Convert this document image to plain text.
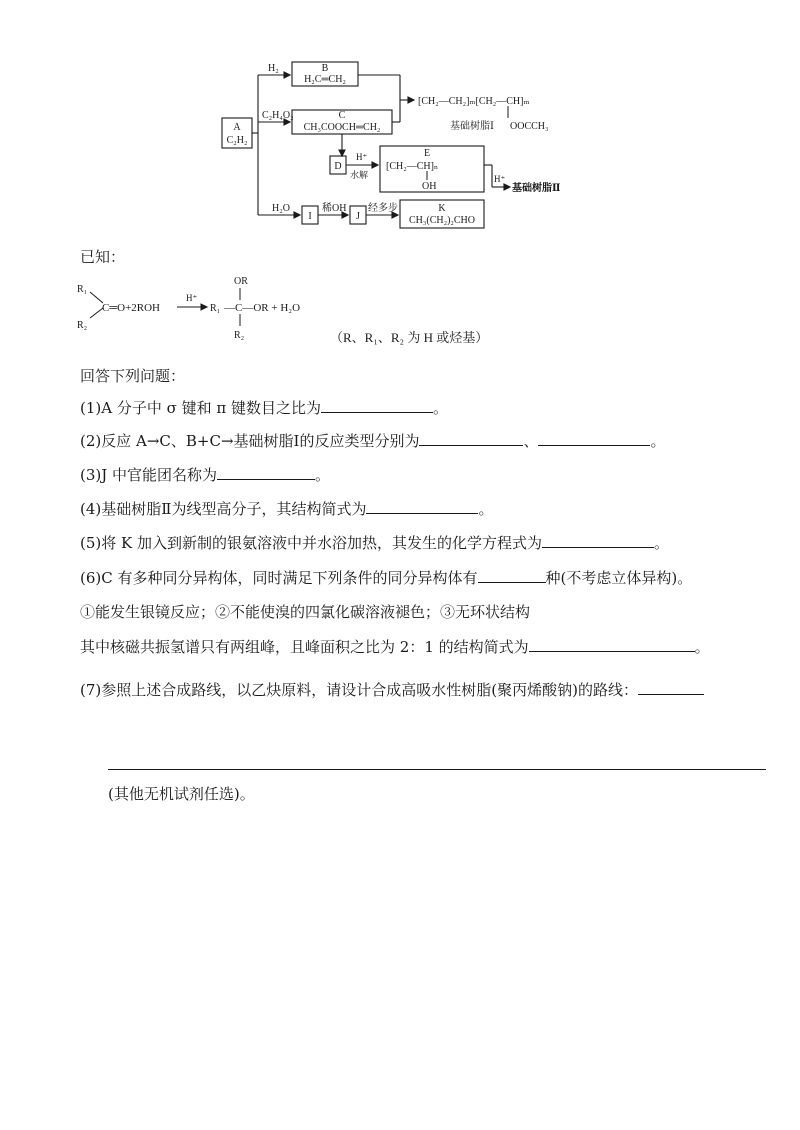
A
C₂H₂
H₂	B
H₂C═CH₂
C₂H₄O₂	C
CH₃COOCH═CH₂
[CH₂—CH₂]ₘ[CH₂—CH]ₘ
基础树脂Ⅰ OOCCH₃
D
H⁺
水解
E
[CH₂—CH]ₙ
OH
H⁺
基础树脂Ⅱ
H₂O
I
稀OH
J
经多步	K
CH₃(CH₂)₂CHO
已知：
R₁
R₂
C═O+2ROH
H⁺
R₁ —C—OR + H₂O
OR
R₂	（R、R₁、R₂ 为 H 或烃基）
回答下列问题：
(1)A 分子中 σ 键和 π 键数目之比为	。
(2)反应 A→C、B+C→基础树脂Ⅰ的反应类型分别为	、	。
(3)J 中官能团名称为	。
(4)基础树脂Ⅱ为线型高分子，其结构简式为	。
(5)将 K 加入到新制的银氨溶液中并水浴加热，其发生的化学方程式为	。
(6)C 有多种同分异构体，同时满足下列条件的同分异构体有	种(不考虑立体异构)。
①能发生银镜反应；②不能使溴的四氯化碳溶液褪色；③无环状结构
其中核磁共振氢谱只有两组峰，且峰面积之比为 2：1 的结构简式为	。
(7)参照上述合成路线，以乙炔原料，请设计合成高吸水性树脂(聚丙烯酸钠)的路线：
(其他无机试剂任选)。
